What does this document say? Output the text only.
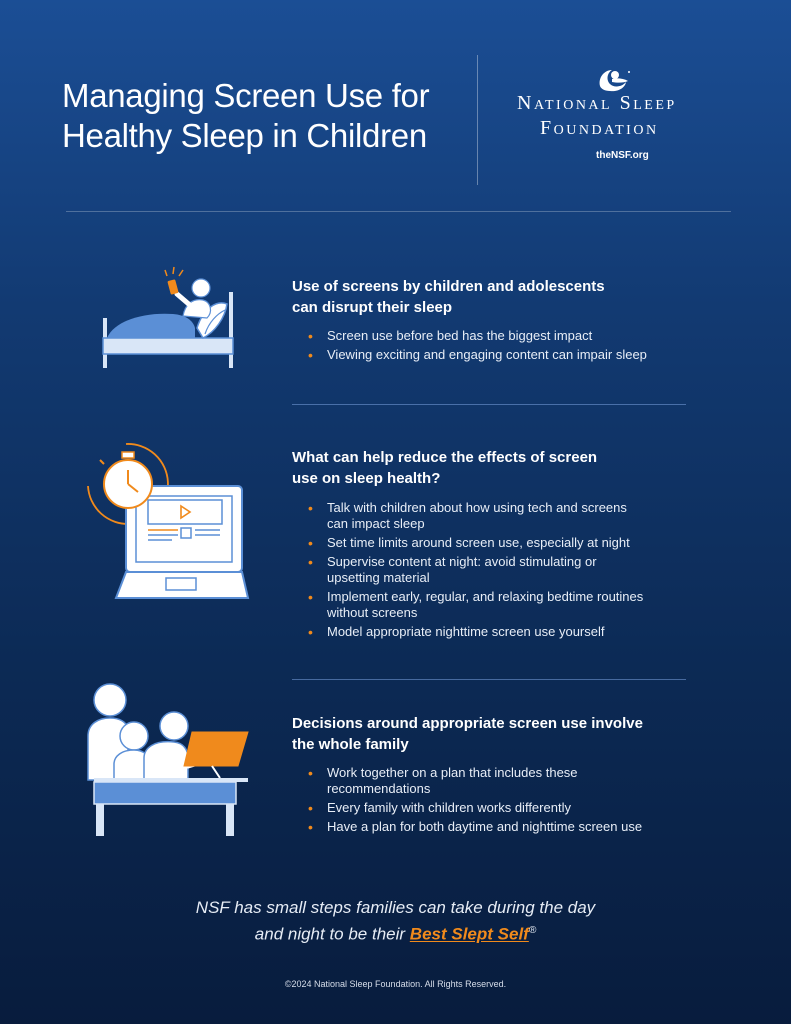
Managing Screen Use for
Healthy Sleep in Children
National Sleep
Foundation
theNSF.org
Use of screens by children and adolescents
can disrupt their sleep
• Screen use before bed has the biggest impact
• Viewing exciting and engaging content can impair sleep
What can help reduce the effects of screen
use on sleep health?
• Talk with children about how using tech and screens can impact sleep
• Set time limits around screen use, especially at night
• Supervise content at night: avoid stimulating or upsetting material
• Implement early, regular, and relaxing bedtime routines without screens
• Model appropriate nighttime screen use yourself
Decisions around appropriate screen use involve
the whole family
• Work together on a plan that includes these recommendations
• Every family with children works differently
• Have a plan for both daytime and nighttime screen use
NSF has small steps families can take during the day
and night to be their Best Slept Self®
©2024 National Sleep Foundation. All Rights Reserved.
